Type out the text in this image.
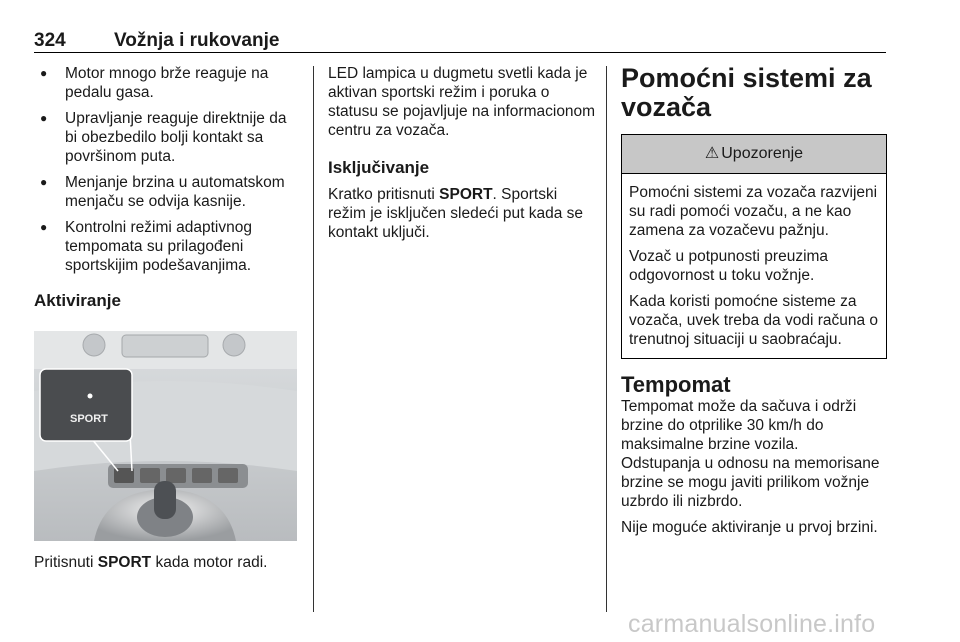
324	Vožnja i rukovanje
● Motor mnogo brže reaguje na pedalu gasa.
● Upravljanje reaguje direktnije da bi obezbedilo bolji kontakt sa površinom puta.
● Menjanje brzina u automatskom menjaču se odvija kasnije.
● Kontrolni režimi adaptivnog tempomata su prilagođeni sportskijim podešavanjima.
Aktiviranje
SPORT

Pritisnuti SPORT kada motor radi.

LED lampica u dugmetu svetli kada je aktivan sportski režim i poruka o statusu se pojavljuje na informacionom centru za vozača.

Isključivanje

Kratko pritisnuti SPORT. Sportski režim je isključen sledeći put kada se kontakt uključi.

Pomoćni sistemi za vozača
⚠ Upozorenje

Pomoćni sistemi za vozača razvijeni su radi pomoći vozaču, a ne kao zamena za vozačevu pažnju.

Vozač u potpunosti preuzima odgovornost u toku vožnje.

Kada koristi pomoćne sisteme za vozača, uvek treba da vodi računa o trenutnoj situaciji u saobraćaju.

Tempomat

Tempomat može da sačuva i održi brzine do otprilike 30 km/h do maksimalne brzine vozila.

Odstupanja u odnosu na memorisane brzine se mogu javiti prilikom vožnje uzbrdo ili nizbrdo.

Nije moguće aktiviranje u prvoj brzini.

carmanualsonline.info
